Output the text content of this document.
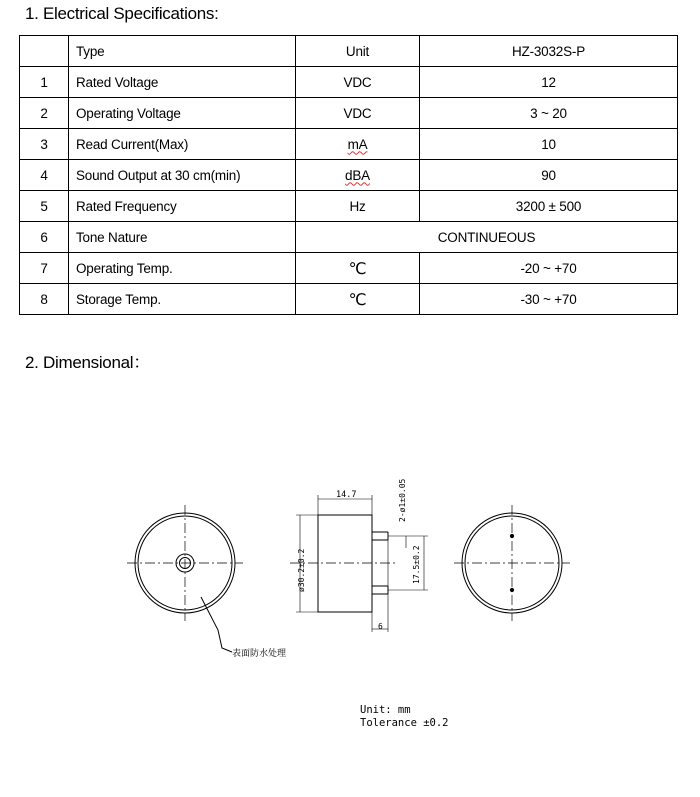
1. Electrical Specifications:
	Type	Unit	HZ-3032S-P
1	Rated Voltage	VDC	12
2	Operating Voltage	VDC	3 ~ 20
3	Read Current(Max)	mA	10
4	Sound Output at 30 cm(min)	dBA	90
5	Rated Frequency	Hz	3200 ± 500
6	Tone Nature	CONTINUEOUS	
7	Operating Temp.	℃	-20 ~ +70
8	Storage Temp.	℃	-30 ~ +70
2. Dimensional：
14.7
ø30.2±0.2
2-ø1±0.05
17.5±0.2
6
表面防水处理
Unit: mm
Tolerance ±0.2
